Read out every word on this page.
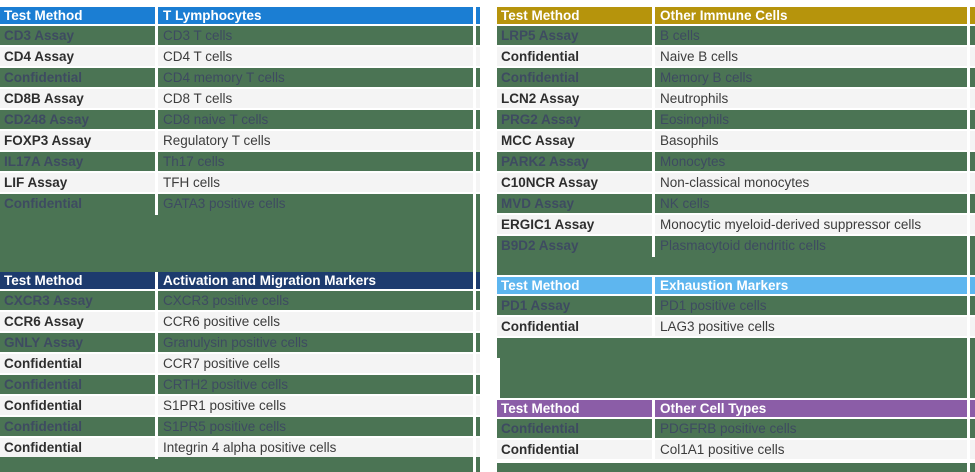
Test Method	T Lymphocytes
CD3 Assay	CD3 T cells
CD4 Assay	CD4 T cells
Confidential	CD4 memory T cells
CD8B Assay	CD8 T cells
CD248 Assay	CD8 naive T cells
FOXP3 Assay	Regulatory T cells
IL17A Assay	Th17 cells
LIF Assay	TFH cells
Confidential	GATA3 positive cells
Test Method	Activation and Migration Markers
CXCR3 Assay	CXCR3 positive cells
CCR6 Assay	CCR6 positive cells
GNLY Assay	Granulysin positive cells
Confidential	CCR7 positive cells
Confidential	CRTH2 positive cells
Confidential	S1PR1 positive cells
Confidential	S1PR5 positive cells
Confidential	Integrin 4 alpha positive cells
Test Method	Other Immune Cells
LRP5 Assay	B cells
Confidential	Naive B cells
Confidential	Memory B cells
LCN2 Assay	Neutrophils
PRG2 Assay	Eosinophils
MCC Assay	Basophils
PARK2 Assay	Monocytes
C10NCR Assay	Non-classical monocytes
MVD Assay	NK cells
ERGIC1 Assay	Monocytic myeloid-derived suppressor cells
B9D2 Assay	Plasmacytoid dendritic cells
Test Method	Exhaustion Markers
PD1 Assay	PD1 positive cells
Confidential	LAG3 positive cells
Test Method	Other Cell Types
Confidential	PDGFRB positive cells
Confidential	Col1A1 positive cells
